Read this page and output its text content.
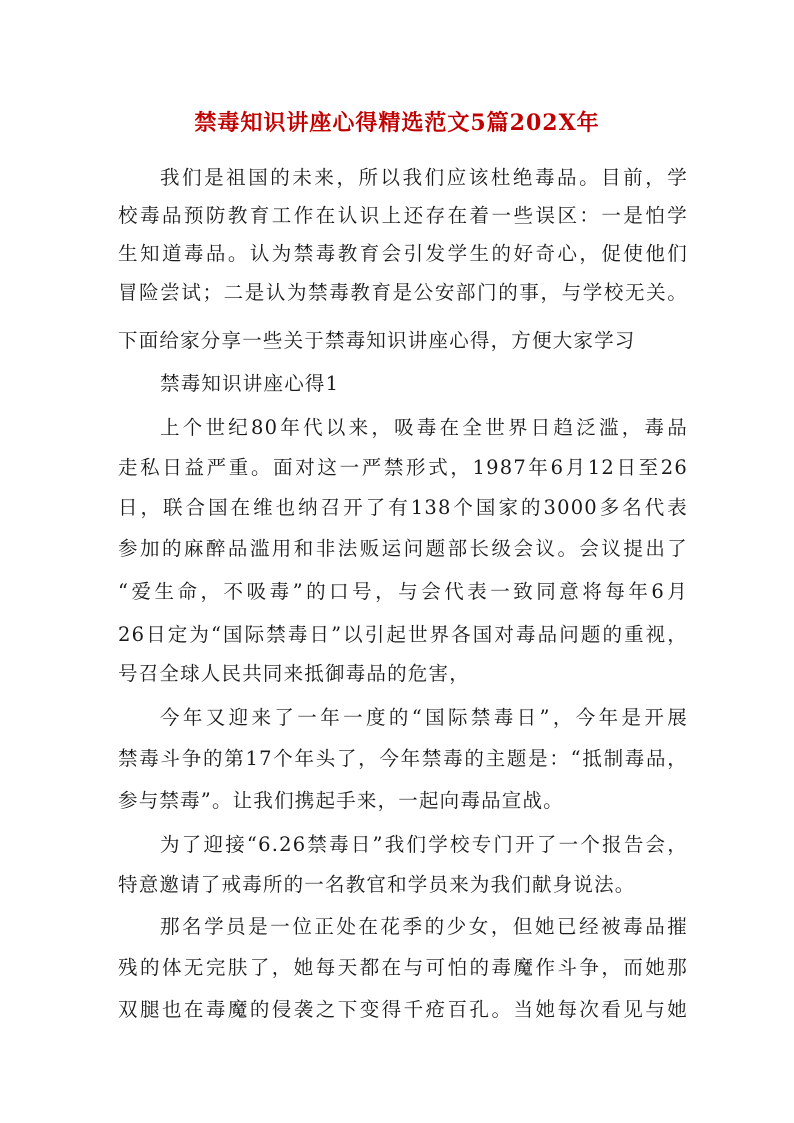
禁毒知识讲座心得精选范文5篇202X年
我们是祖国的未来，所以我们应该杜绝毒品。目前，学
校毒品预防教育工作在认识上还存在着一些误区：一是怕学
生知道毒品。认为禁毒教育会引发学生的好奇心，促使他们
冒险尝试；二是认为禁毒教育是公安部门的事，与学校无关。
下面给家分享一些关于禁毒知识讲座心得，方便大家学习
禁毒知识讲座心得1
上个世纪80年代以来，吸毒在全世界日趋泛滥，毒品
走私日益严重。面对这一严禁形式，1987年6月12日至26
日，联合国在维也纳召开了有138个国家的3000多名代表
参加的麻醉品滥用和非法贩运问题部长级会议。会议提出了
“爱生命，不吸毒”的口号，与会代表一致同意将每年6月
26日定为“国际禁毒日”以引起世界各国对毒品问题的重视，
号召全球人民共同来抵御毒品的危害，
今年又迎来了一年一度的“国际禁毒日”，今年是开展
禁毒斗争的第17个年头了，今年禁毒的主题是：“抵制毒品，
参与禁毒”。让我们携起手来，一起向毒品宣战。
为了迎接“6.26禁毒日”我们学校专门开了一个报告会，
特意邀请了戒毒所的一名教官和学员来为我们献身说法。
那名学员是一位正处在花季的少女，但她已经被毒品摧
残的体无完肤了，她每天都在与可怕的毒魔作斗争，而她那
双腿也在毒魔的侵袭之下变得千疮百孔。当她每次看见与她
